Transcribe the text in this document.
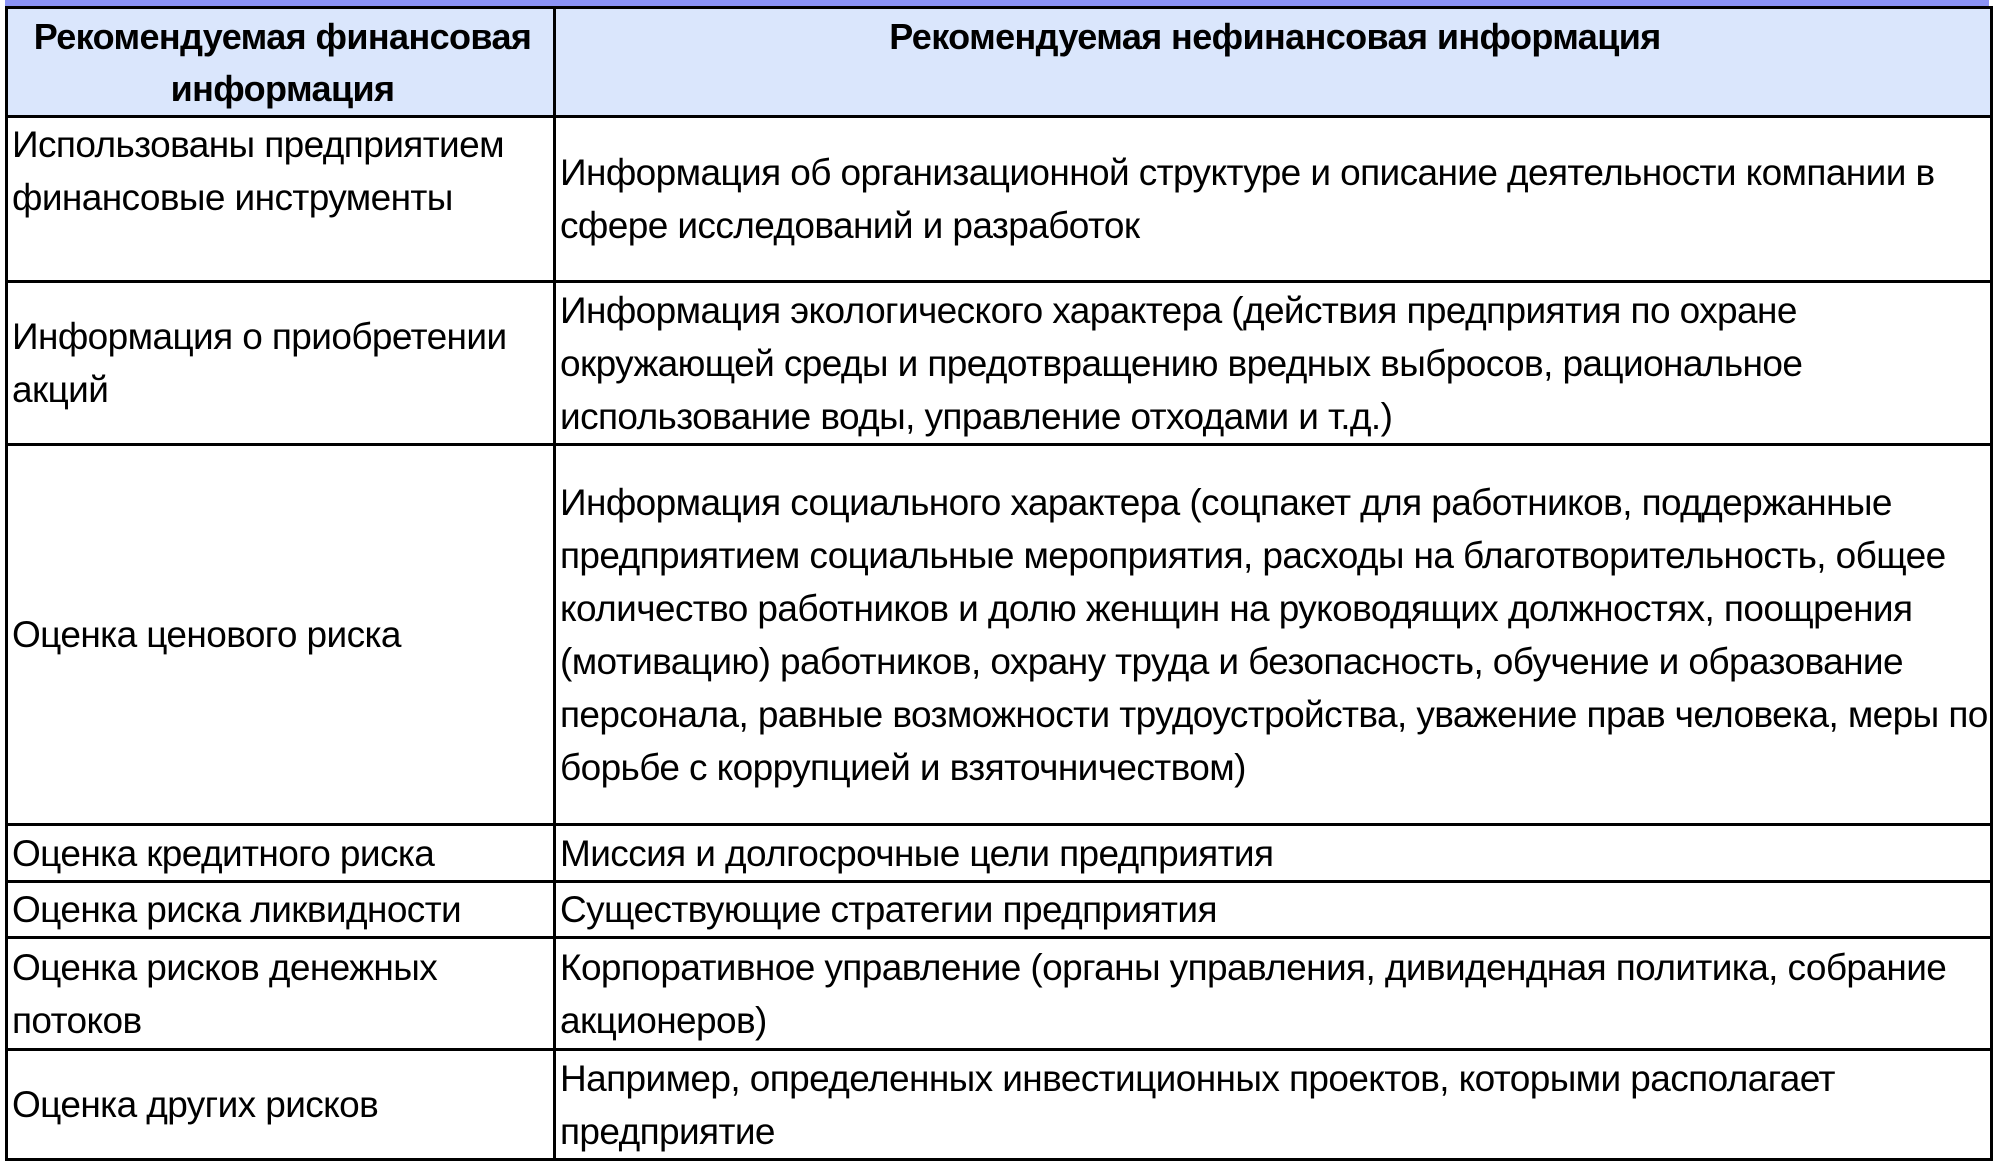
Рекомендуемая финансовая информация	Рекомендуемая нефинансовая информация
Использованы предприятием финансовые инструменты	Информация об организационной структуре и описание деятельности компании в сфере исследований и разработок
Информация о приобретении акций	Информация экологического характера (действия предприятия по охране окружающей среды и предотвращению вредных выбросов, рациональное использование воды, управление отходами и т.д.)
Оценка ценового риска	Информация социального характера (соцпакет для работников, поддержанные предприятием социальные мероприятия, расходы на благотворительность, общее количество работников и долю женщин на руководящих должностях, поощрения (мотивацию) работников, охрану труда и безопасность, обучение и образование персонала, равные возможности трудоустройства, уважение прав человека, меры по борьбе с коррупцией и взяточничеством)
Оценка кредитного риска	Миссия и долгосрочные цели предприятия
Оценка риска ликвидности	Существующие стратегии предприятия
Оценка рисков денежных потоков	Корпоративное управление (органы управления, дивидендная политика, собрание акционеров)
Оценка других рисков	Например, определенных инвестиционных проектов, которыми располагает предприятие
